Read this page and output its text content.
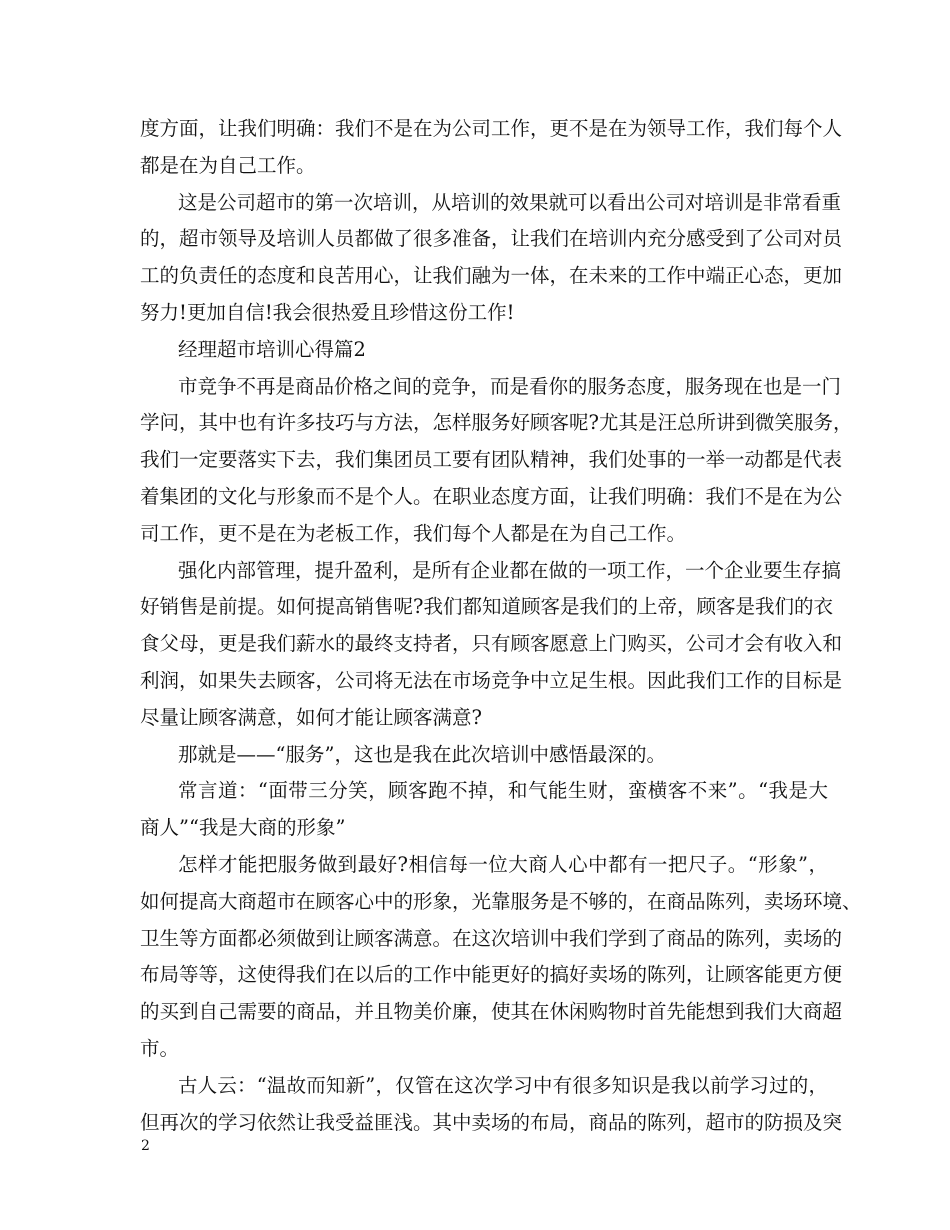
度方面，让我们明确：我们不是在为公司工作，更不是在为领导工作，我们每个人
都是在为自己工作。
这是公司超市的第一次培训，从培训的效果就可以看出公司对培训是非常看重
的，超市领导及培训人员都做了很多准备，让我们在培训内充分感受到了公司对员
工的负责任的态度和良苦用心，让我们融为一体，在未来的工作中端正心态，更加
努力!更加自信!我会很热爱且珍惜这份工作!
经理超市培训心得篇2
市竞争不再是商品价格之间的竞争，而是看你的服务态度，服务现在也是一门
学问，其中也有许多技巧与方法，怎样服务好顾客呢?尤其是汪总所讲到微笑服务，
我们一定要落实下去，我们集团员工要有团队精神，我们处事的一举一动都是代表
着集团的文化与形象而不是个人。在职业态度方面，让我们明确：我们不是在为公
司工作，更不是在为老板工作，我们每个人都是在为自己工作。
强化内部管理，提升盈利，是所有企业都在做的一项工作，一个企业要生存搞
好销售是前提。如何提高销售呢?我们都知道顾客是我们的上帝，顾客是我们的衣
食父母，更是我们薪水的最终支持者，只有顾客愿意上门购买，公司才会有收入和
利润，如果失去顾客，公司将无法在市场竞争中立足生根。因此我们工作的目标是
尽量让顾客满意，如何才能让顾客满意?
那就是——“服务”，这也是我在此次培训中感悟最深的。
常言道：“面带三分笑，顾客跑不掉，和气能生财，蛮横客不来”。“我是大
商人”“我是大商的形象”
怎样才能把服务做到最好?相信每一位大商人心中都有一把尺子。“形象”，
如何提高大商超市在顾客心中的形象，光靠服务是不够的，在商品陈列，卖场环境、
卫生等方面都必须做到让顾客满意。在这次培训中我们学到了商品的陈列，卖场的
布局等等，这使得我们在以后的工作中能更好的搞好卖场的陈列，让顾客能更方便
的买到自己需要的商品，并且物美价廉，使其在休闲购物时首先能想到我们大商超
市。
古人云：“温故而知新”，仅管在这次学习中有很多知识是我以前学习过的，
但再次的学习依然让我受益匪浅。其中卖场的布局，商品的陈列，超市的防损及突
2
